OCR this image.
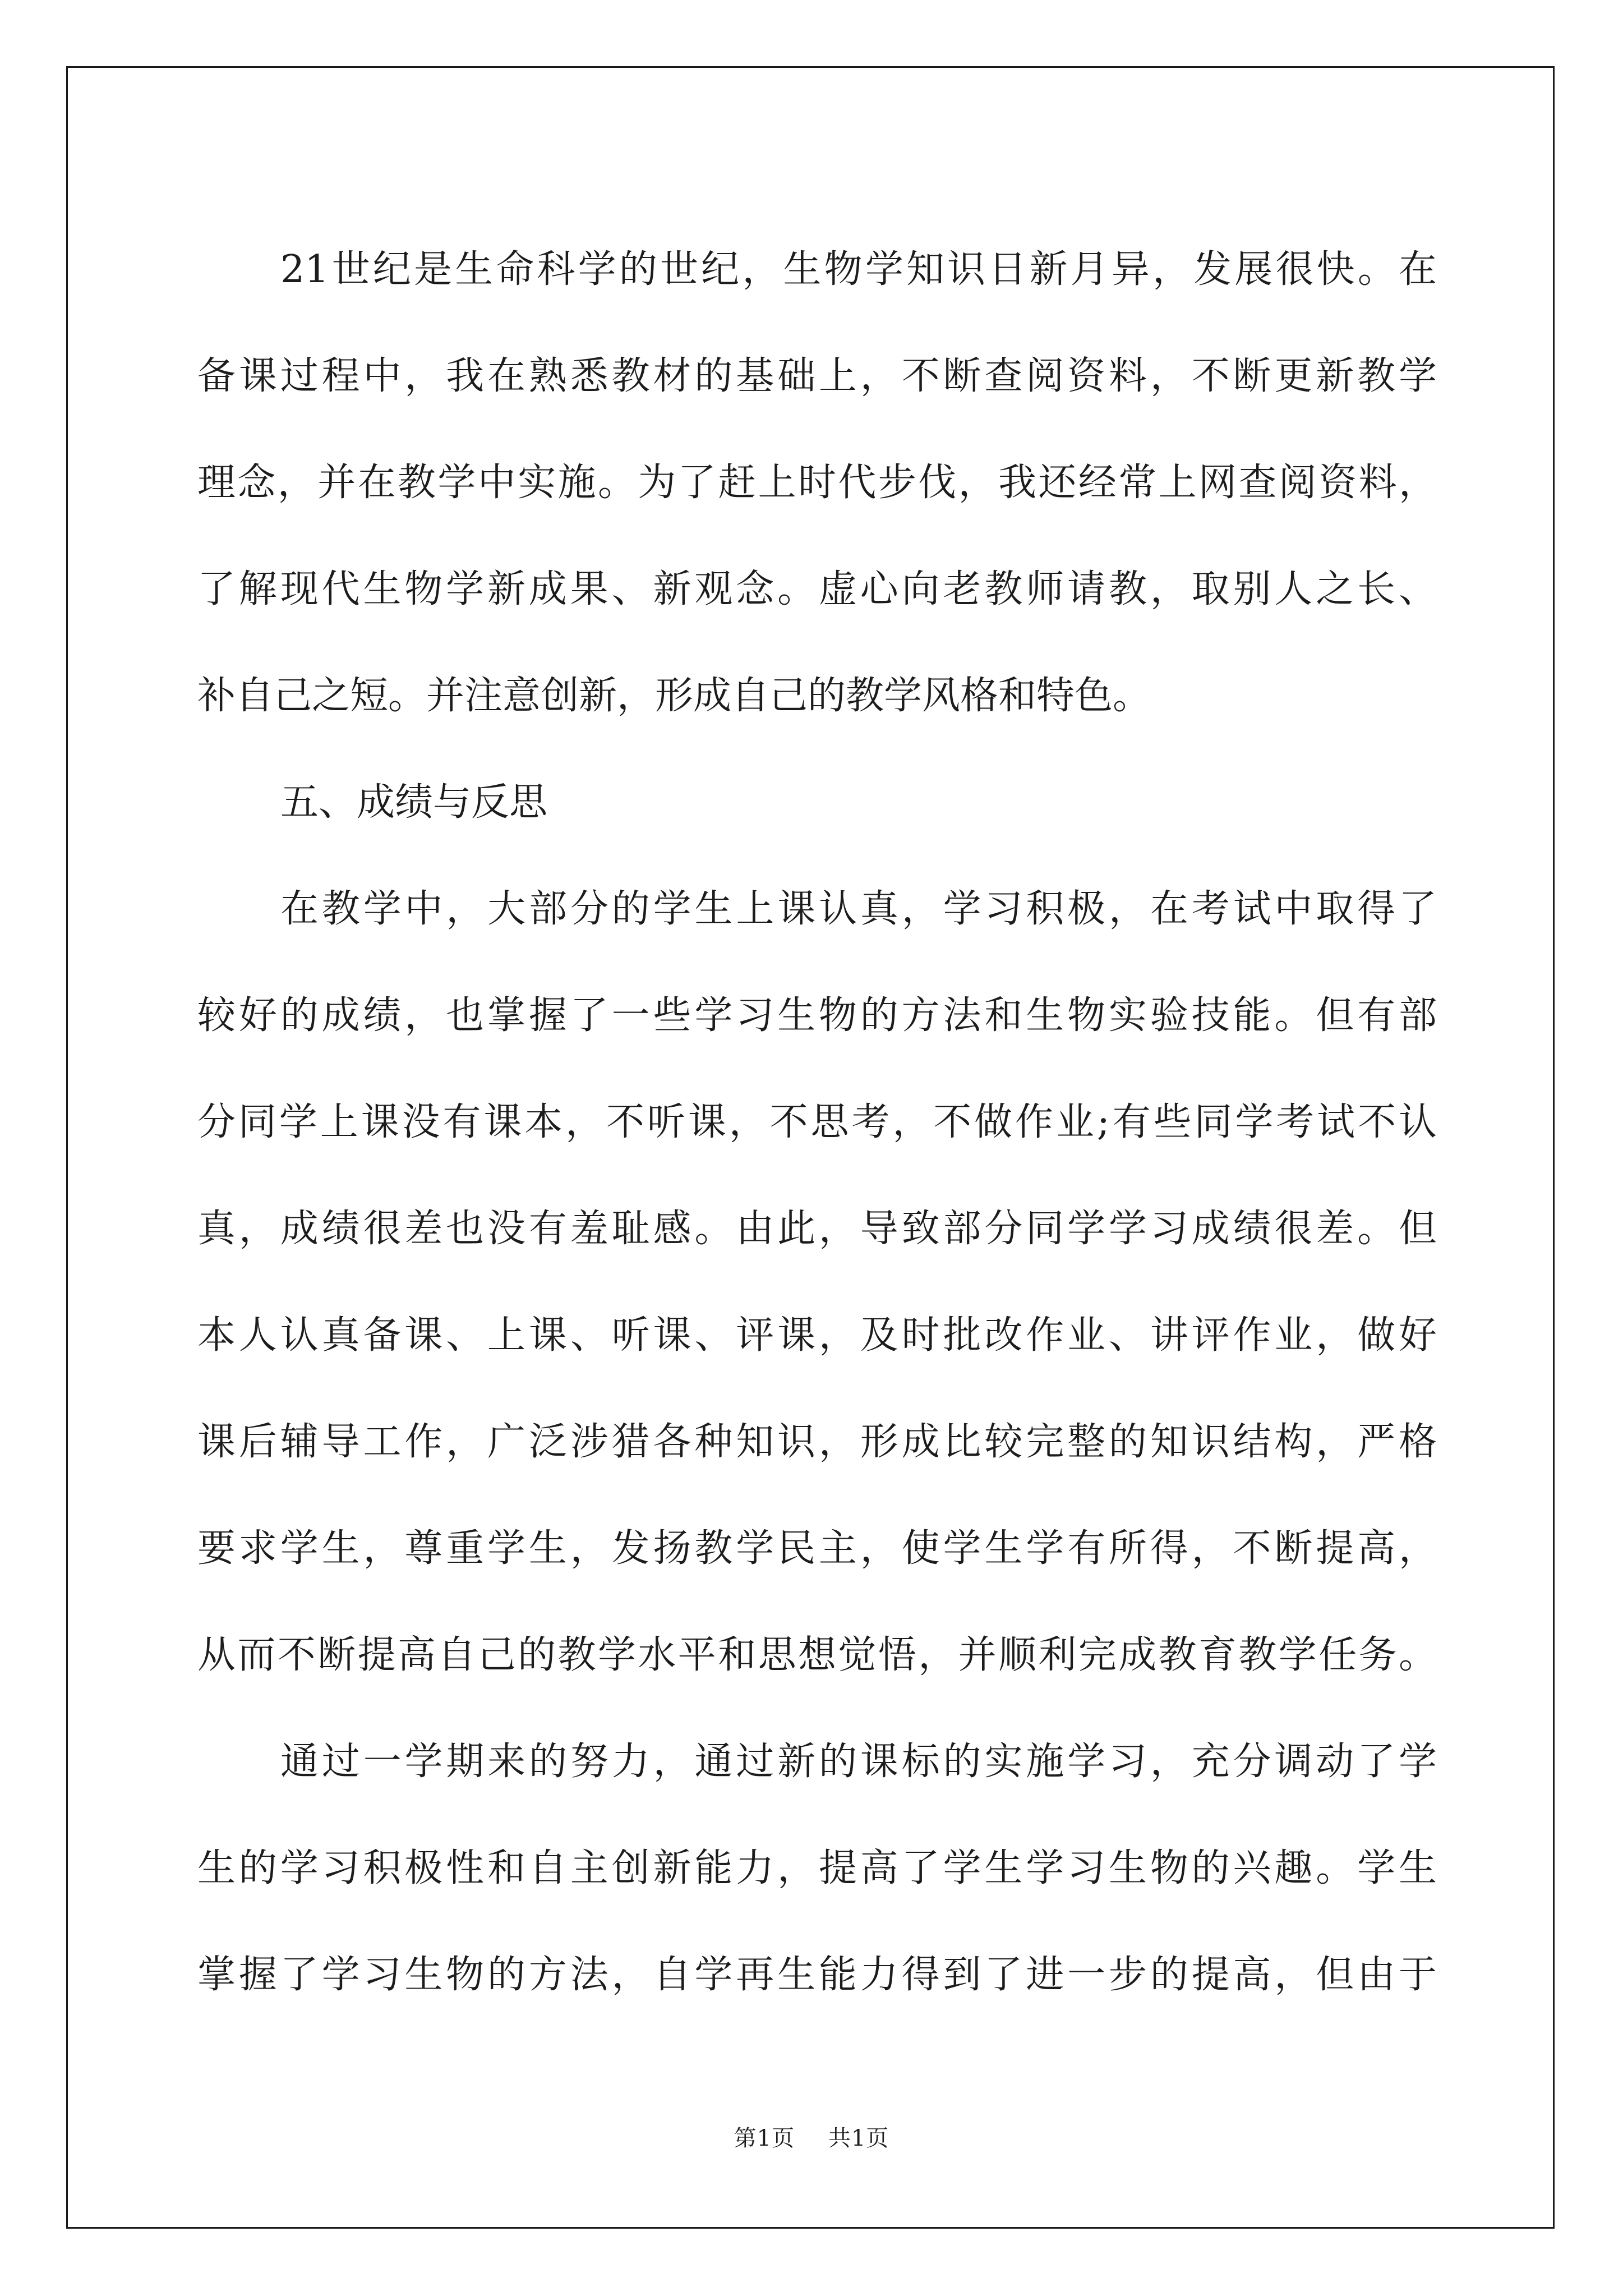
21世纪是生命科学的世纪，生物学知识日新月异，发展很快。在
备课过程中，我在熟悉教材的基础上，不断查阅资料，不断更新教学
理念，并在教学中实施。为了赶上时代步伐，我还经常上网查阅资料，
了解现代生物学新成果、新观念。虚心向老教师请教，取别人之长、
补自己之短。并注意创新，形成自己的教学风格和特色。
五、成绩与反思
在教学中，大部分的学生上课认真，学习积极，在考试中取得了
较好的成绩，也掌握了一些学习生物的方法和生物实验技能。但有部
分同学上课没有课本，不听课，不思考，不做作业;有些同学考试不认
真，成绩很差也没有羞耻感。由此，导致部分同学学习成绩很差。但
本人认真备课、上课、听课、评课，及时批改作业、讲评作业，做好
课后辅导工作，广泛涉猎各种知识，形成比较完整的知识结构，严格
要求学生，尊重学生，发扬教学民主，使学生学有所得，不断提高，
从而不断提高自己的教学水平和思想觉悟，并顺利完成教育教学任务。
通过一学期来的努力，通过新的课标的实施学习，充分调动了学
生的学习积极性和自主创新能力，提高了学生学习生物的兴趣。学生
掌握了学习生物的方法，自学再生能力得到了进一步的提高，但由于
第1页 共1页
